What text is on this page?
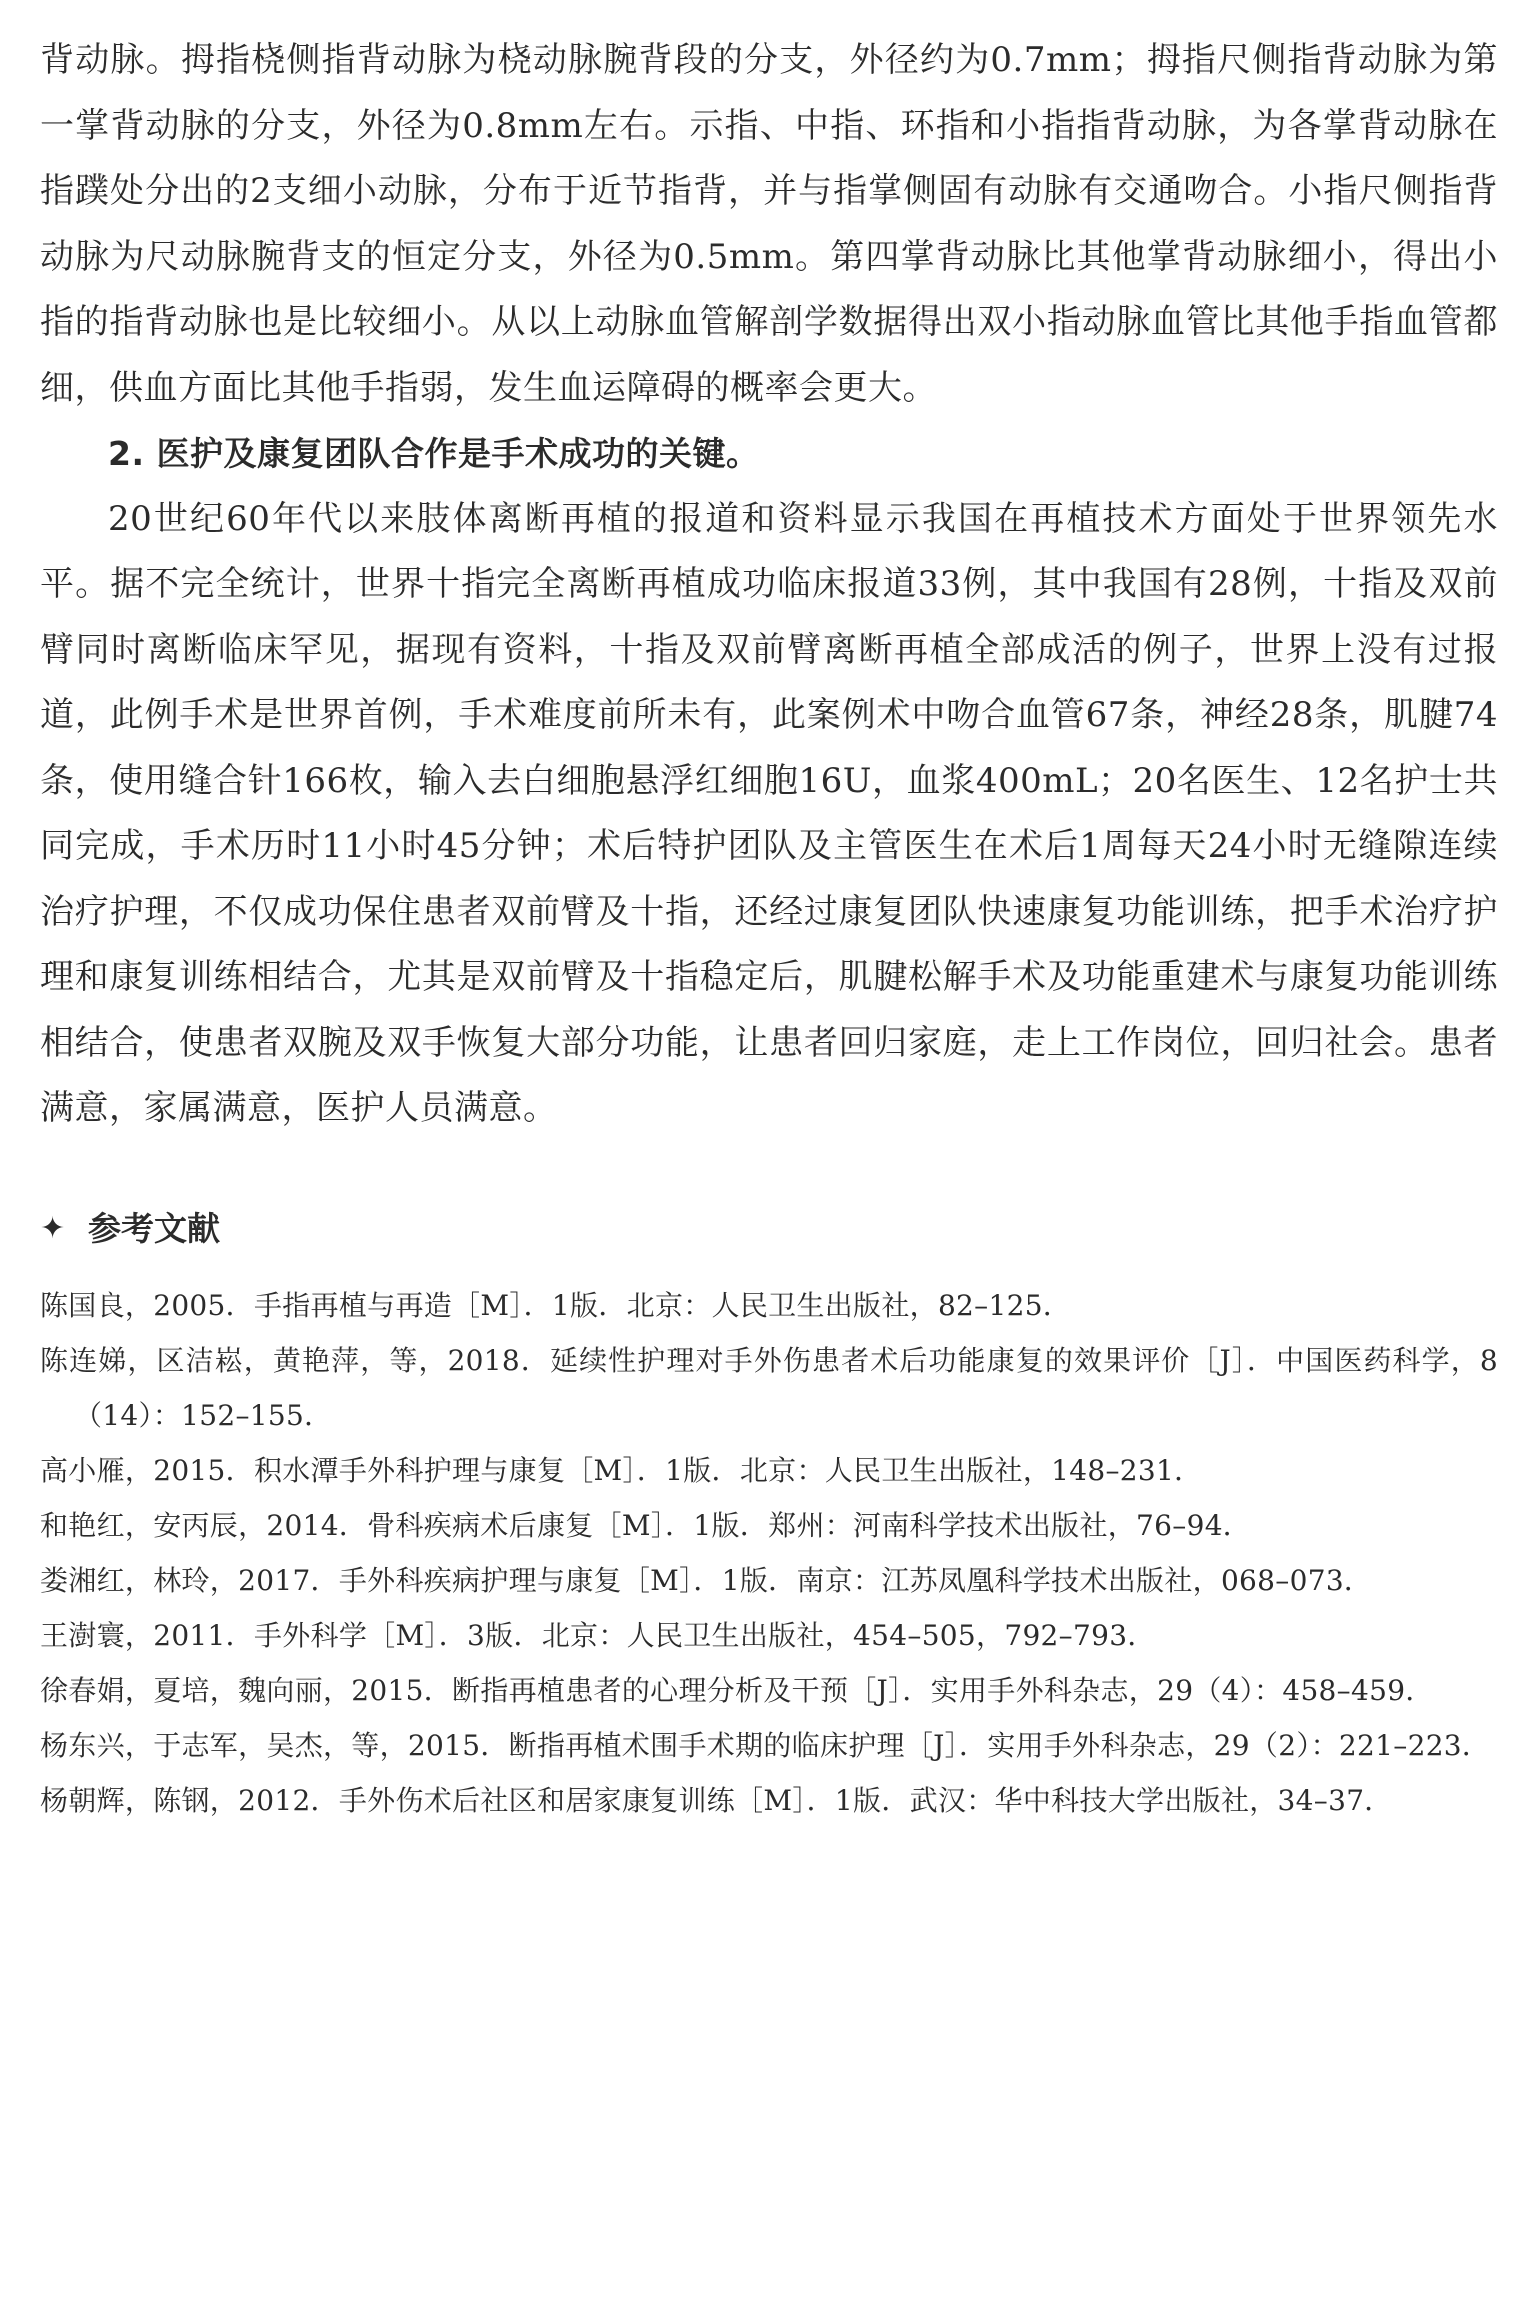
背动脉。拇指桡侧指背动脉为桡动脉腕背段的分支，外径约为0.7mm；拇指尺侧指背动脉为第一掌背动脉的分支，外径为0.8mm左右。示指、中指、环指和小指指背动脉，为各掌背动脉在指蹼处分出的2支细小动脉，分布于近节指背，并与指掌侧固有动脉有交通吻合。小指尺侧指背动脉为尺动脉腕背支的恒定分支，外径为0.5mm。第四掌背动脉比其他掌背动脉细小，得出小指的指背动脉也是比较细小。从以上动脉血管解剖学数据得出双小指动脉血管比其他手指血管都细，供血方面比其他手指弱，发生血运障碍的概率会更大。

2. 医护及康复团队合作是手术成功的关键。

20世纪60年代以来肢体离断再植的报道和资料显示我国在再植技术方面处于世界领先水平。据不完全统计，世界十指完全离断再植成功临床报道33例，其中我国有28例，十指及双前臂同时离断临床罕见，据现有资料，十指及双前臂离断再植全部成活的例子，世界上没有过报道，此例手术是世界首例，手术难度前所未有，此案例术中吻合血管67条，神经28条，肌腱74条，使用缝合针166枚，输入去白细胞悬浮红细胞16U，血浆400mL；20名医生、12名护士共同完成，手术历时11小时45分钟；术后特护团队及主管医生在术后1周每天24小时无缝隙连续治疗护理，不仅成功保住患者双前臂及十指，还经过康复团队快速康复功能训练，把手术治疗护理和康复训练相结合，尤其是双前臂及十指稳定后，肌腱松解手术及功能重建术与康复功能训练相结合，使患者双腕及双手恢复大部分功能，让患者回归家庭，走上工作岗位，回归社会。患者满意，家属满意，医护人员满意。

✦ 参考文献
陈国良，2005．手指再植与再造［M］．1版．北京：人民卫生出版社，82–125．
陈连娣，区洁崧，黄艳萍，等，2018．延续性护理对手外伤患者术后功能康复的效果评价［J］．中国医药科学，8（14）：152–155．
高小雁，2015．积水潭手外科护理与康复［M］．1版．北京：人民卫生出版社，148–231．
和艳红，安丙辰，2014．骨科疾病术后康复［M］．1版．郑州：河南科学技术出版社，76–94．
娄湘红，林玲，2017．手外科疾病护理与康复［M］．1版．南京：江苏凤凰科学技术出版社，068–073．
王澍寰，2011．手外科学［M］．3版．北京：人民卫生出版社，454–505，792–793．
徐春娟，夏培，魏向丽，2015．断指再植患者的心理分析及干预［J］．实用手外科杂志，29（4）：458–459．
杨东兴，于志军，吴杰，等，2015．断指再植术围手术期的临床护理［J］．实用手外科杂志，29（2）：221–223．
杨朝辉，陈钢，2012．手外伤术后社区和居家康复训练［M］．1版．武汉：华中科技大学出版社，34–37．
